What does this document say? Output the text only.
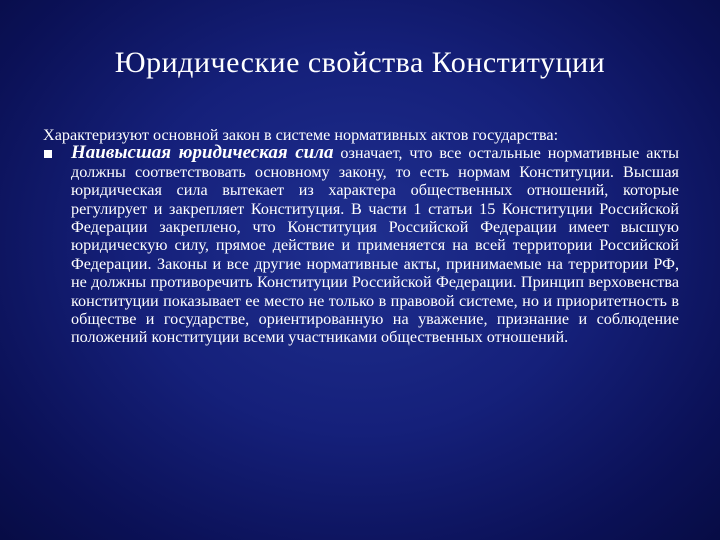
Юридические свойства Конституции

Характеризуют основной закон в системе нормативных актов государства:

Наивысшая юридическая сила означает, что все остальные нормативные акты должны соответствовать основному закону, то есть нормам Конституции. Высшая юридическая сила вытекает из характера общественных отношений, которые регулирует и закрепляет Конституция. В части 1 статьи 15 Конституции Российской Федерации закреплено, что Конституция Российской Федерации имеет высшую юридическую силу, прямое действие и применяется на всей территории Российской Федерации. Законы и все другие нормативные акты, принимаемые на территории РФ, не должны противоречить Конституции Российской Федерации. Принцип верховенства конституции показывает ее место не только в правовой системе, но и приоритетность в обществе и государстве, ориентированную на уважение, признание и соблюдение положений конституции всеми участниками общественных отношений.
